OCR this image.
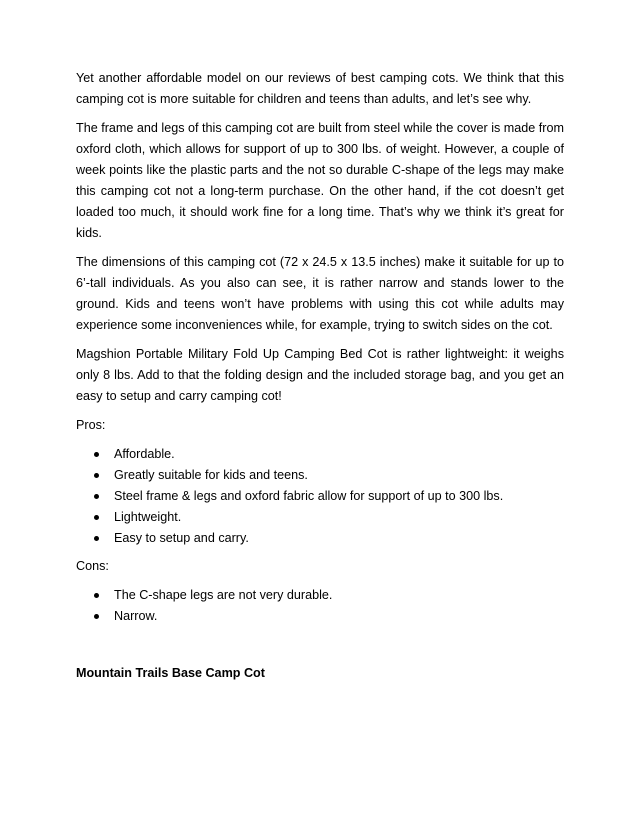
Yet another affordable model on our reviews of best camping cots. We think that this camping cot is more suitable for children and teens than adults, and let’s see why.

The frame and legs of this camping cot are built from steel while the cover is made from oxford cloth, which allows for support of up to 300 lbs. of weight. However, a couple of week points like the plastic parts and the not so durable C-shape of the legs may make this camping cot not a long-term purchase. On the other hand, if the cot doesn’t get loaded too much, it should work fine for a long time. That’s why we think it’s great for kids.

The dimensions of this camping cot (72 x 24.5 x 13.5 inches) make it suitable for up to 6’-tall individuals. As you also can see, it is rather narrow and stands lower to the ground. Kids and teens won’t have problems with using this cot while adults may experience some inconveniences while, for example, trying to switch sides on the cot.

Magshion Portable Military Fold Up Camping Bed Cot is rather lightweight: it weighs only 8 lbs. Add to that the folding design and the included storage bag, and you get an easy to setup and carry camping cot!

Pros:

Affordable.
Greatly suitable for kids and teens.
Steel frame & legs and oxford fabric allow for support of up to 300 lbs.
Lightweight.
Easy to setup and carry.

Cons:

The C-shape legs are not very durable.
Narrow.

Mountain Trails Base Camp Cot
